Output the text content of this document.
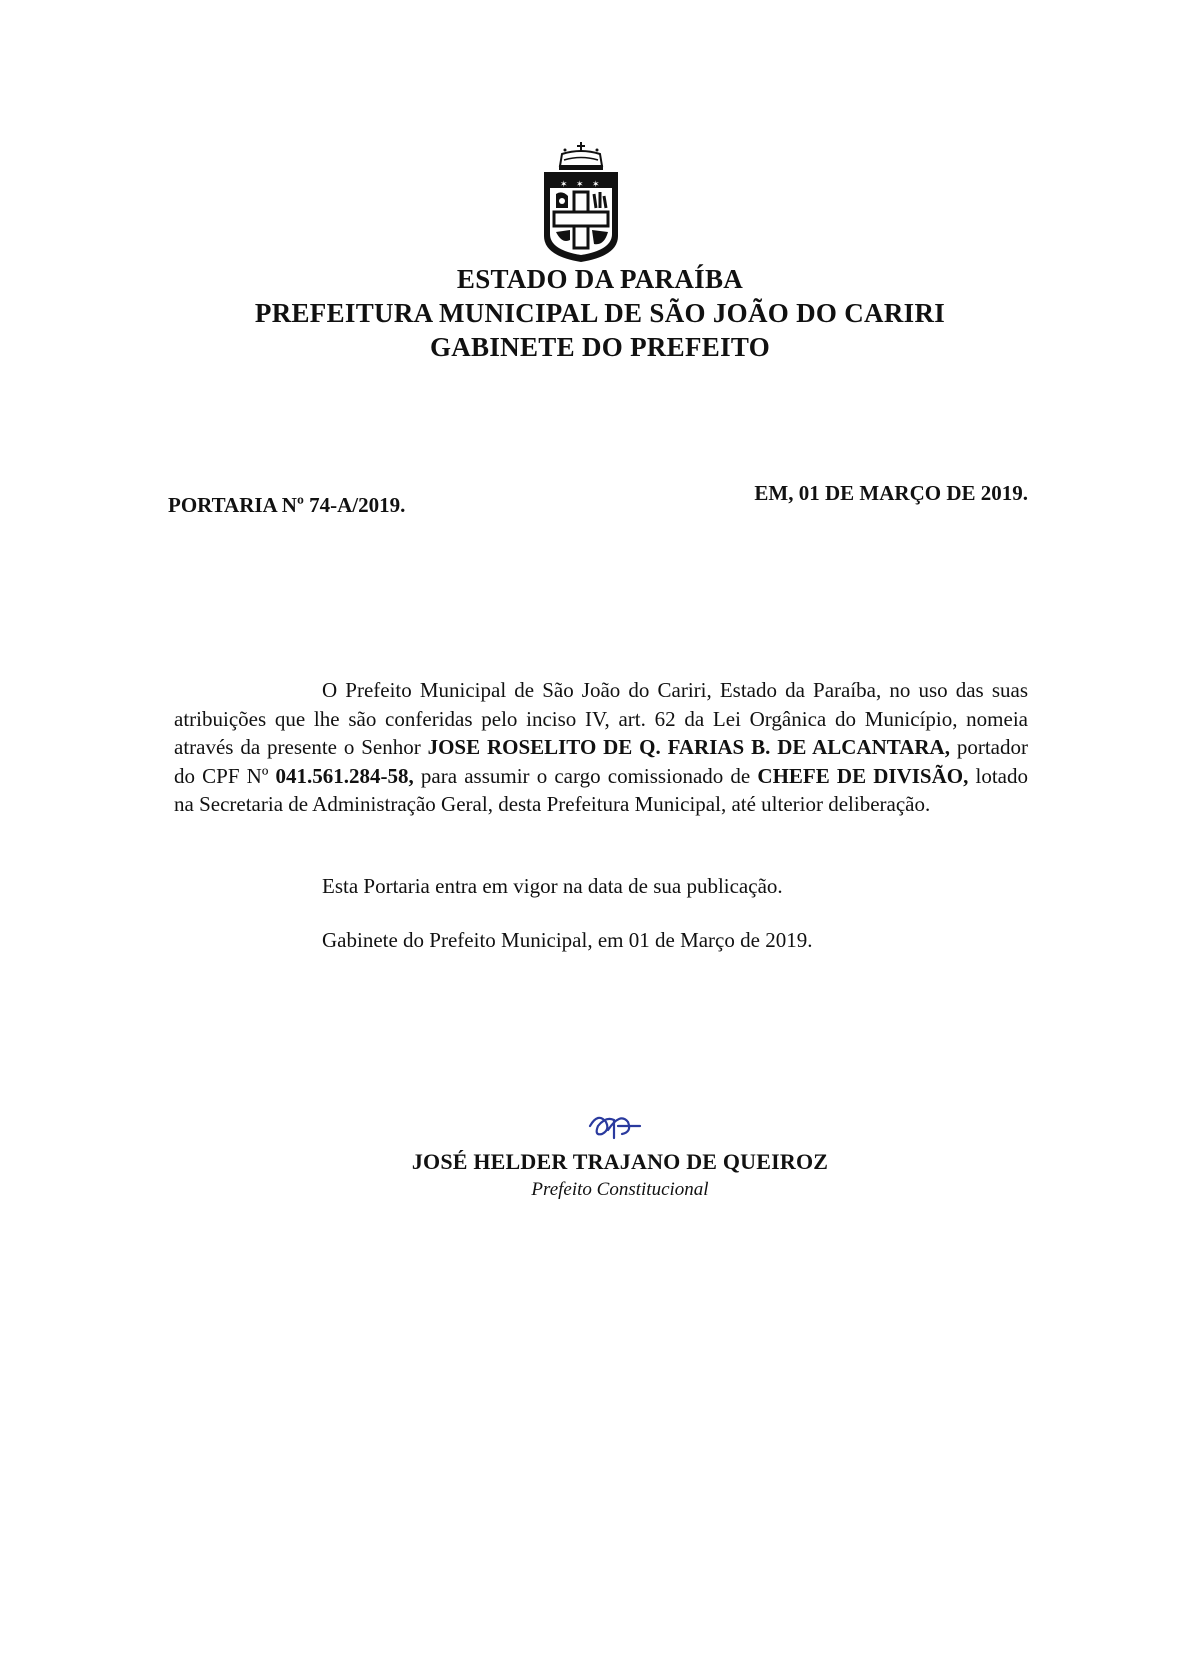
✶ ✶ ✶
ESTADO DA PARAÍBA
PREFEITURA MUNICIPAL DE SÃO JOÃO DO CARIRI
GABINETE DO PREFEITO
PORTARIA Nº 74-A/2019.	EM, 01 DE MARÇO DE 2019.

O Prefeito Municipal de São João do Cariri, Estado da Paraíba, no uso das suas atribuições que lhe são conferidas pelo inciso IV, art. 62 da Lei Orgânica do Município, nomeia através da presente o Senhor JOSE ROSELITO DE Q. FARIAS B. DE ALCANTARA, portador do CPF Nº 041.561.284-58, para assumir o cargo comissionado de CHEFE DE DIVISÃO, lotado na Secretaria de Administração Geral, desta Prefeitura Municipal, até ulterior deliberação.

Esta Portaria entra em vigor na data de sua publicação.
Gabinete do Prefeito Municipal, em 01 de Março de 2019.
JOSÉ HELDER TRAJANO DE QUEIROZ
Prefeito Constitucional
